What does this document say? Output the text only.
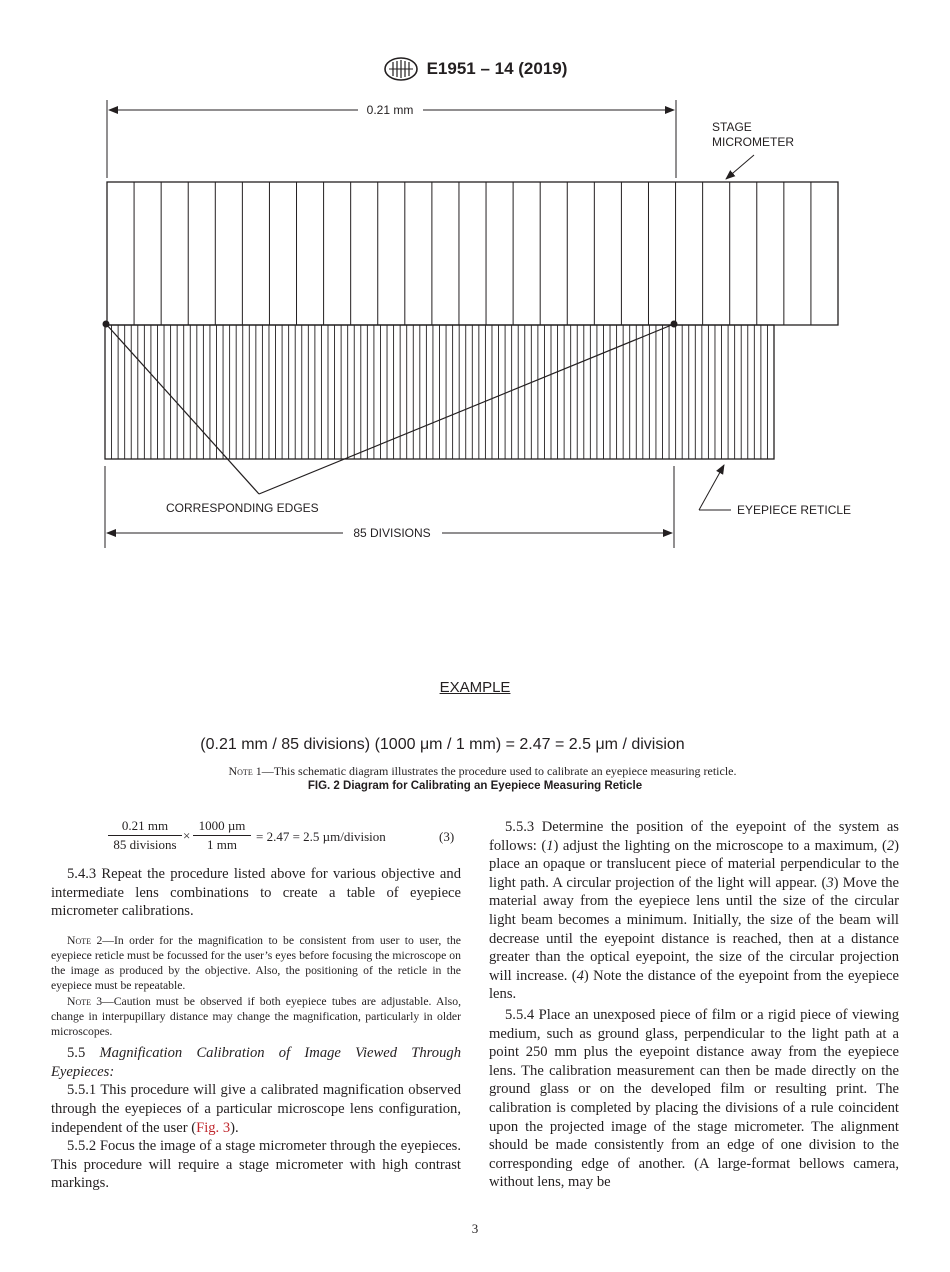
E1951 – 14 (2019)
0.21 mm
STAGE
MICROMETER
CORRESPONDING EDGES	EYEPIECE RETICLE
85 DIVISIONS
EXAMPLE
(0.21 mm / 85 divisions) (1000 μm / 1 mm) = 2.47 = 2.5 μm / division
Note 1—This schematic diagram illustrates the procedure used to calibrate an eyepiece measuring reticle.
FIG. 2 Diagram for Calibrating an Eyepiece Measuring Reticle
0.21 mm
85 divisions
×
1000 µm
1 mm
= 2.47 = 2.5 µm/division	(3)

5.4.3 Repeat the procedure listed above for various objective and intermediate lens combinations to create a table of eyepiece micrometer calibrations.

Note 2—In order for the magnification to be consistent from user to user, the eyepiece reticle must be focussed for the user’s eyes before focusing the microscope on the image as produced by the objective. Also, the positioning of the reticle in the eyepiece must be repeatable.

Note 3—Caution must be observed if both eyepiece tubes are adjustable. Also, change in interpupillary distance may change the magnification, particularly in older microscopes.

5.5 Magnification Calibration of Image Viewed Through Eyepieces:

5.5.1 This procedure will give a calibrated magnification observed through the eyepieces of a particular microscope lens configuration, independent of the user (Fig. 3).

5.5.2 Focus the image of a stage micrometer through the eyepieces. This procedure will require a stage micrometer with high contrast markings.

5.5.3 Determine the position of the eyepoint of the system as follows: (1) adjust the lighting on the microscope to a maximum, (2) place an opaque or translucent piece of material perpendicular to the light path. A circular projection of the light will appear. (3) Move the material away from the eyepiece lens until the size of the circular light beam becomes a minimum. Initially, the size of the beam will decrease until the eyepoint distance is reached, then at a distance greater than the optical eyepoint, the size of the circular projection will increase. (4) Note the distance of the eyepoint from the eyepiece lens.

5.5.4 Place an unexposed piece of film or a rigid piece of viewing medium, such as ground glass, perpendicular to the light path at a point 250 mm plus the eyepoint distance away from the eyepiece lens. The calibration measurement can then be made directly on the ground glass or on the developed film or resulting print. The calibration is completed by placing the divisions of a rule coincident upon the projected image of the stage micrometer. The alignment should be made consistently from an edge of one division to the corresponding edge of another. (A large-format bellows camera, without lens, may be

3
